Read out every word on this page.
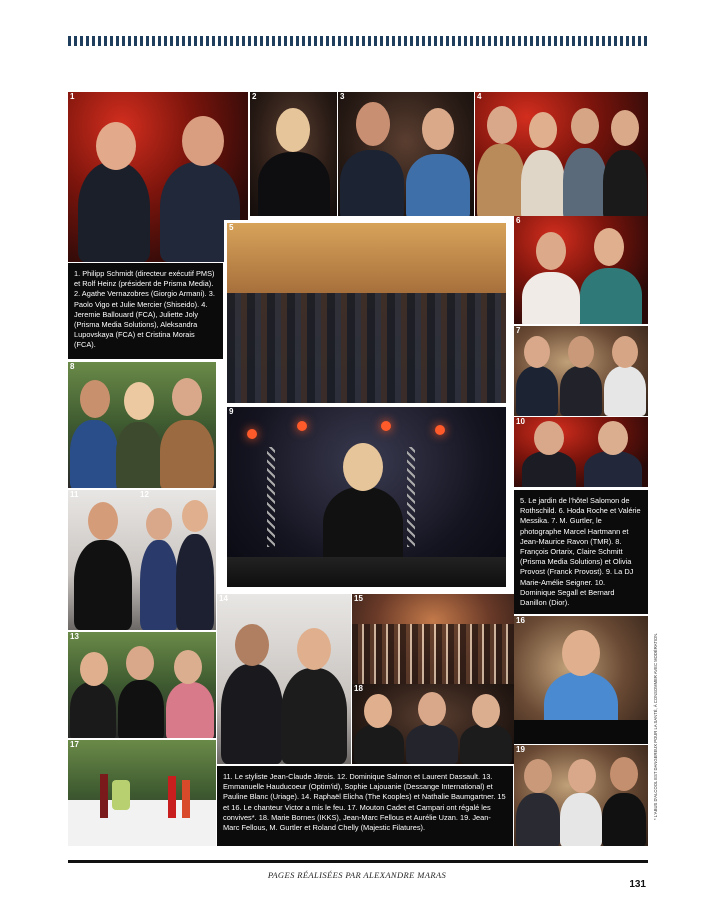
1	2	3	4

1. Philipp Schmidt (directeur exécutif PMS) et Rolf Heinz (président de Prisma Media). 2. Agathe Vernazobres (Giorgio Armani). 3. Paolo Vigo et Julie Mercier (Shiseido). 4. Jeremie Ballouard (FCA), Juliette Joly (Prisma Media Solutions), Aleksandra Lupovskaya (FCA) et Cristina Morais (FCA).

5
6
7
8
9
10

5. Le jardin de l'hôtel Salomon de Rothschild. 6. Hoda Roche et Valérie Messika. 7. M. Gurtler, le photographe Marcel Hartmann et Jean-Maurice Ravon (TMR). 8. François Ortarix, Claire Schmitt (Prisma Media Solutions) et Olivia Provost (Franck Provost). 9. La DJ Marie-Amélie Seigner. 10. Dominique Segall et Bernard Danillon (Dior).

11	12
13
14	15
16
17
18
19

11. Le styliste Jean-Claude Jitrois. 12. Dominique Salmon et Laurent Dassault. 13. Emmanuelle Hauducoeur (Optim'id), Sophie Lajouanie (Dessange International) et Pauline Blanc (Uriage). 14. Raphaël Elicha (The Kooples) et Nathalie Baumgartner. 15 et 16. Le chanteur Victor a mis le feu. 17. Mouton Cadet et Campari ont régalé les convives*. 18. Marie Bornes (IKKS), Jean-Marc Fellous et Aurélie Uzan. 19. Jean-Marc Fellous, M. Gurtler et Roland Chelly (Majestic Filatures).

* L'ABUS D'ALCOOL EST DANGEREUX POUR LA SANTÉ, À CONSOMMER AVEC MODÉRATION.
PAGES RÉALISÉES PAR ALEXANDRE MARAS
131
